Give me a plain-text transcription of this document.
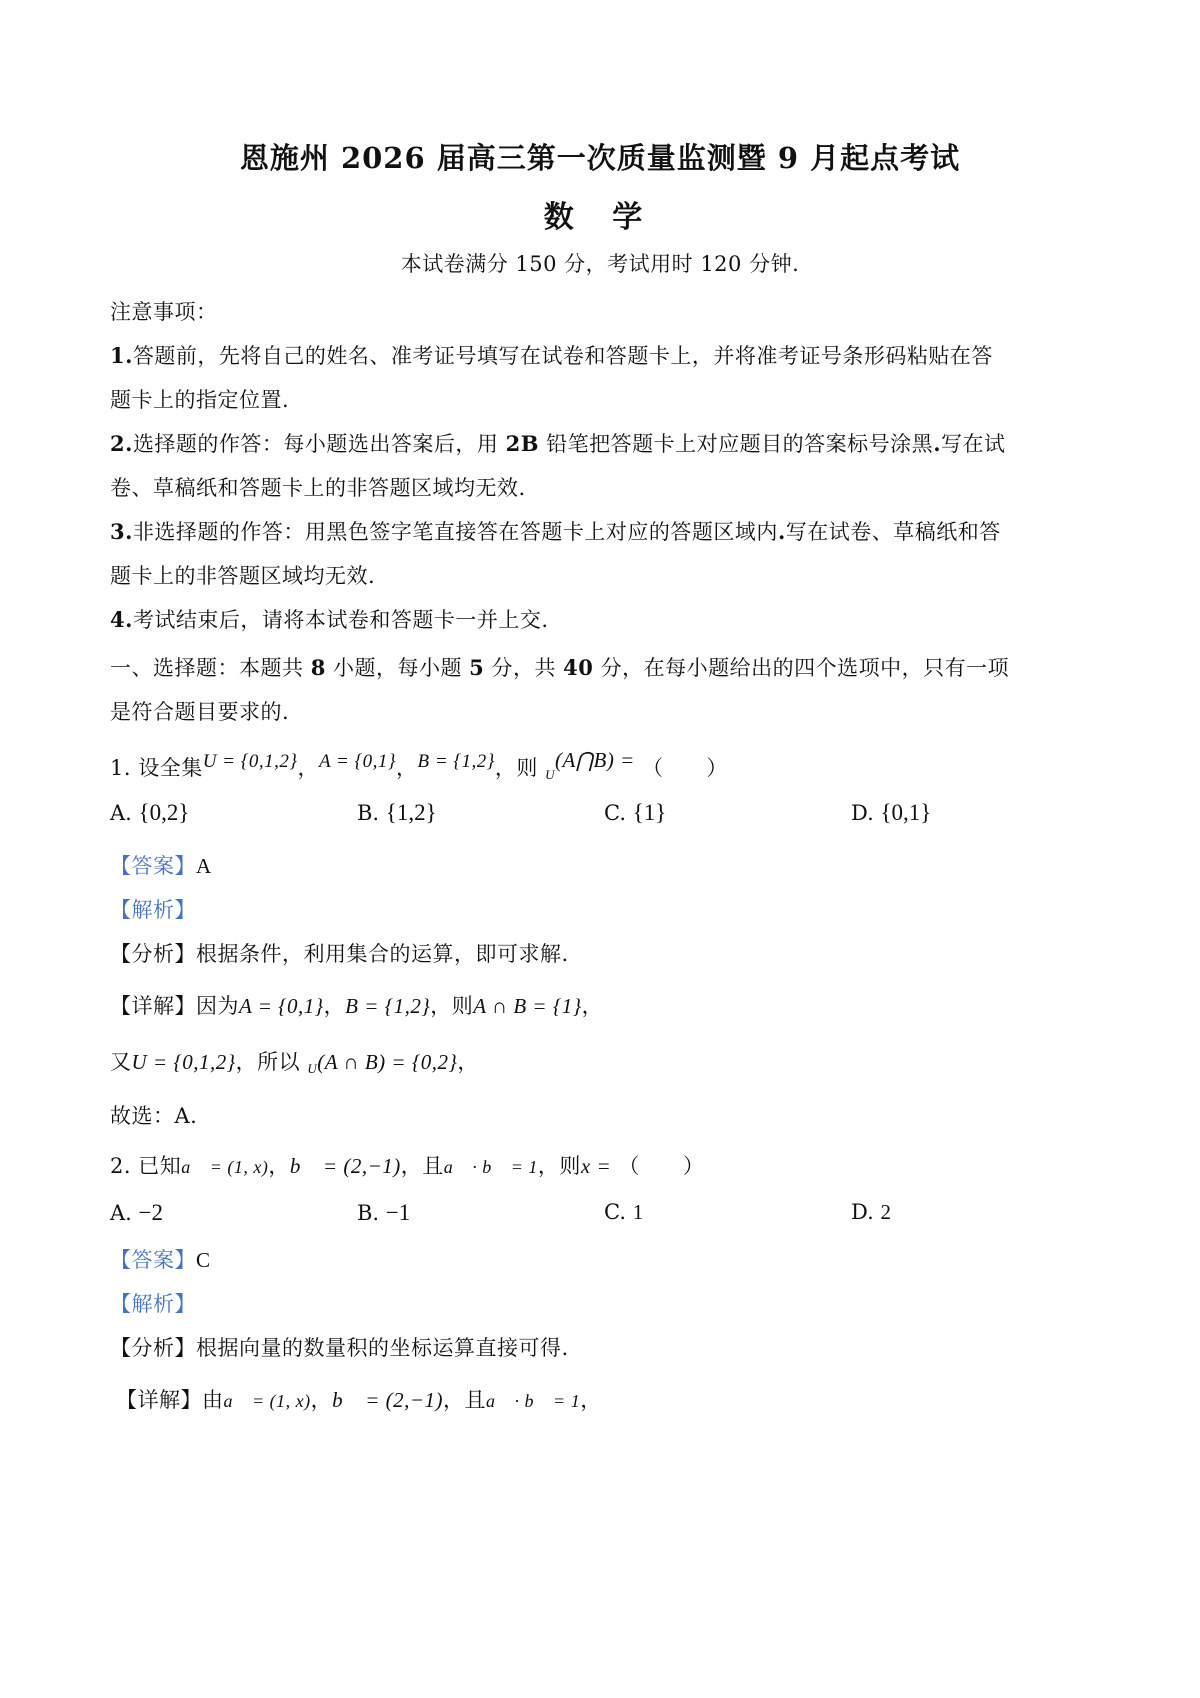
恩施州 2026 届高三第一次质量监测暨 9 月起点考试
数 学
本试卷满分 150 分，考试用时 120 分钟.
注意事项：
1.答题前，先将自己的姓名、准考证号填写在试卷和答题卡上，并将准考证号条形码粘贴在答
题卡上的指定位置.
2.选择题的作答：每小题选出答案后，用 2B 铅笔把答题卡上对应题目的答案标号涂黑.写在试
卷、草稿纸和答题卡上的非答题区域均无效.
3.非选择题的作答：用黑色签字笔直接答在答题卡上对应的答题区域内.写在试卷、草稿纸和答
题卡上的非答题区域均无效.
4.考试结束后，请将本试卷和答题卡一并上交.
一、选择题：本题共 8 小题，每小题 5 分，共 40 分，在每小题给出的四个选项中，只有一项
是符合题目要求的.
1. 设全集U = {0,1,2}，A = {0,1}，B = {1,2}，则 $_U$(A⋂B) = （　　）
A. {0,2}	B. {1,2}	C. {1}	D. {0,1}
【答案】A
【解析】
【分析】根据条件，利用集合的运算，即可求解.
【详解】因为A = {0,1}，B = {1,2}，则A ∩ B = {1}，
又U = {0,1,2}，所以 $_U$(A ∩ B) = {0,2}，
故选：A.
2. 已知a⃗ = (1, x)，b⃗ = (2,−1)，且a⃗ · b⃗ = 1，则x = （　　）
A. −2	B. −1	C. 1	D. 2
【答案】C
【解析】
【分析】根据向量的数量积的坐标运算直接可得.
【详解】由a⃗ = (1, x)，b⃗ = (2,−1)，且a⃗ · b⃗ = 1，
